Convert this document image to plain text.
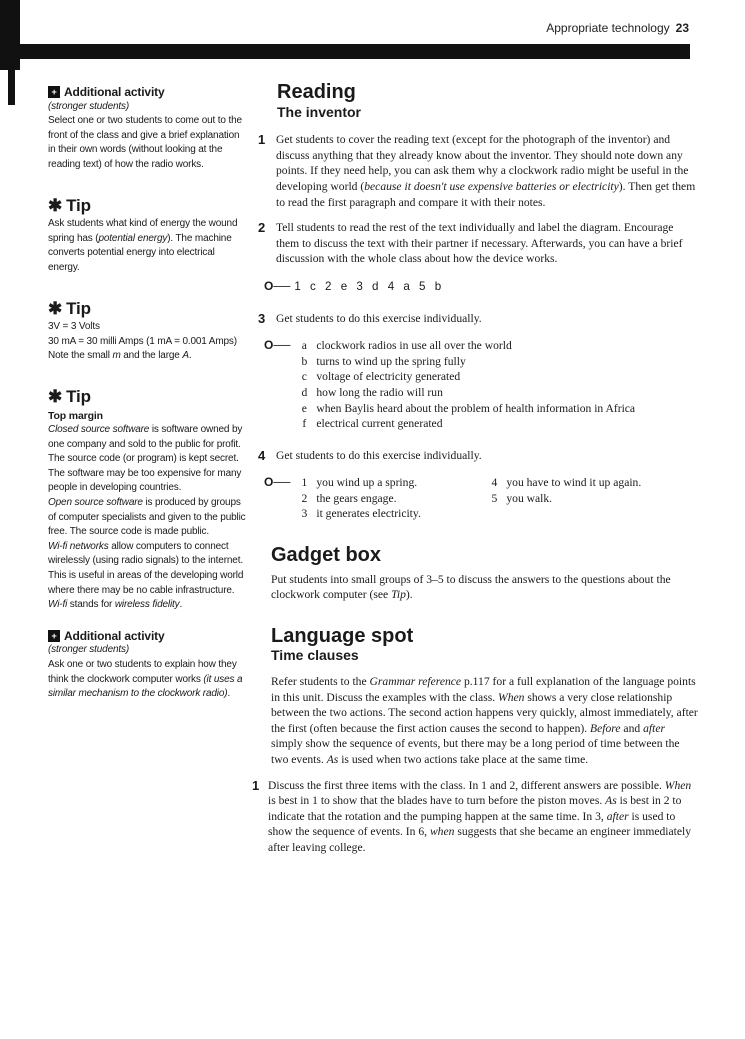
Appropriate technology 23
+ Additional activity

(stronger students)

Select one or two students to come out to the front of the class and give a brief explanation in their own words (without looking at the reading text) of how the radio works.

✱ Tip

Ask students what kind of energy the wound spring has (potential energy). The machine converts potential energy into electrical energy.

✱ Tip

3V = 3 Volts

30 mA = 30 milli Amps (1 mA = 0.001 Amps)

Note the small m and the large A.

✱ Tip

Top margin

Closed source software is software owned by one company and sold to the public for profit. The source code (or program) is kept secret. The software may be too expensive for many people in developing countries.

Open source software is produced by groups of computer specialists and given to the public free. The source code is made public.

Wi-fi networks allow computers to connect wirelessly (using radio signals) to the internet. This is useful in areas of the developing world where there may be no cable infrastructure. Wi-fi stands for wireless fidelity.

+ Additional activity

(stronger students)

Ask one or two students to explain how they think the clockwork computer works (it uses a similar mechanism to the clockwork radio).

Reading
The inventor
1 Get students to cover the reading text (except for the photograph of the inventor) and discuss anything that they already know about the inventor. They should note down any points. If they need help, you can ask them why a clockwork radio might be useful in the developing world (because it doesn't use expensive batteries or electricity). Then get them to read the first paragraph and compare it with their notes.
2 Tell students to read the rest of the text individually and label the diagram. Encourage them to discuss the text with their partner if necessary. Afterwards, you can have a brief discussion with the whole class about how the device works.
O── 1 c 2 e 3 d 4 a 5 b
3 Get students to do this exercise individually.
O── a clockwork radios in use all over the world
b turns to wind up the spring fully
c voltage of electricity generated
d how long the radio will run
e when Baylis heard about the problem of health information in Africa
f electrical current generated
4 Get students to do this exercise individually.
O── 1 you wind up a spring.
2 the gears engage.
3 it generates electricity.
4 you have to wind it up again.
5 you walk.
Gadget box

Put students into small groups of 3–5 to discuss the answers to the questions about the clockwork computer (see Tip).

Language spot
Time clauses

Refer students to the Grammar reference p.117 for a full explanation of the language points in this unit. Discuss the examples with the class. When shows a very close relationship between the two actions. The second action happens very quickly, almost immediately, after the first (often because the first action causes the second to happen). Before and after simply show the sequence of events, but there may be a long period of time between the two events. As is used when two actions take place at the same time.

1 Discuss the first three items with the class. In 1 and 2, different answers are possible. When is best in 1 to show that the blades have to turn before the piston moves. As is best in 2 to indicate that the rotation and the pumping happen at the same time. In 3, after is used to show the sequence of events. In 6, when suggests that she became an engineer immediately after leaving college.
